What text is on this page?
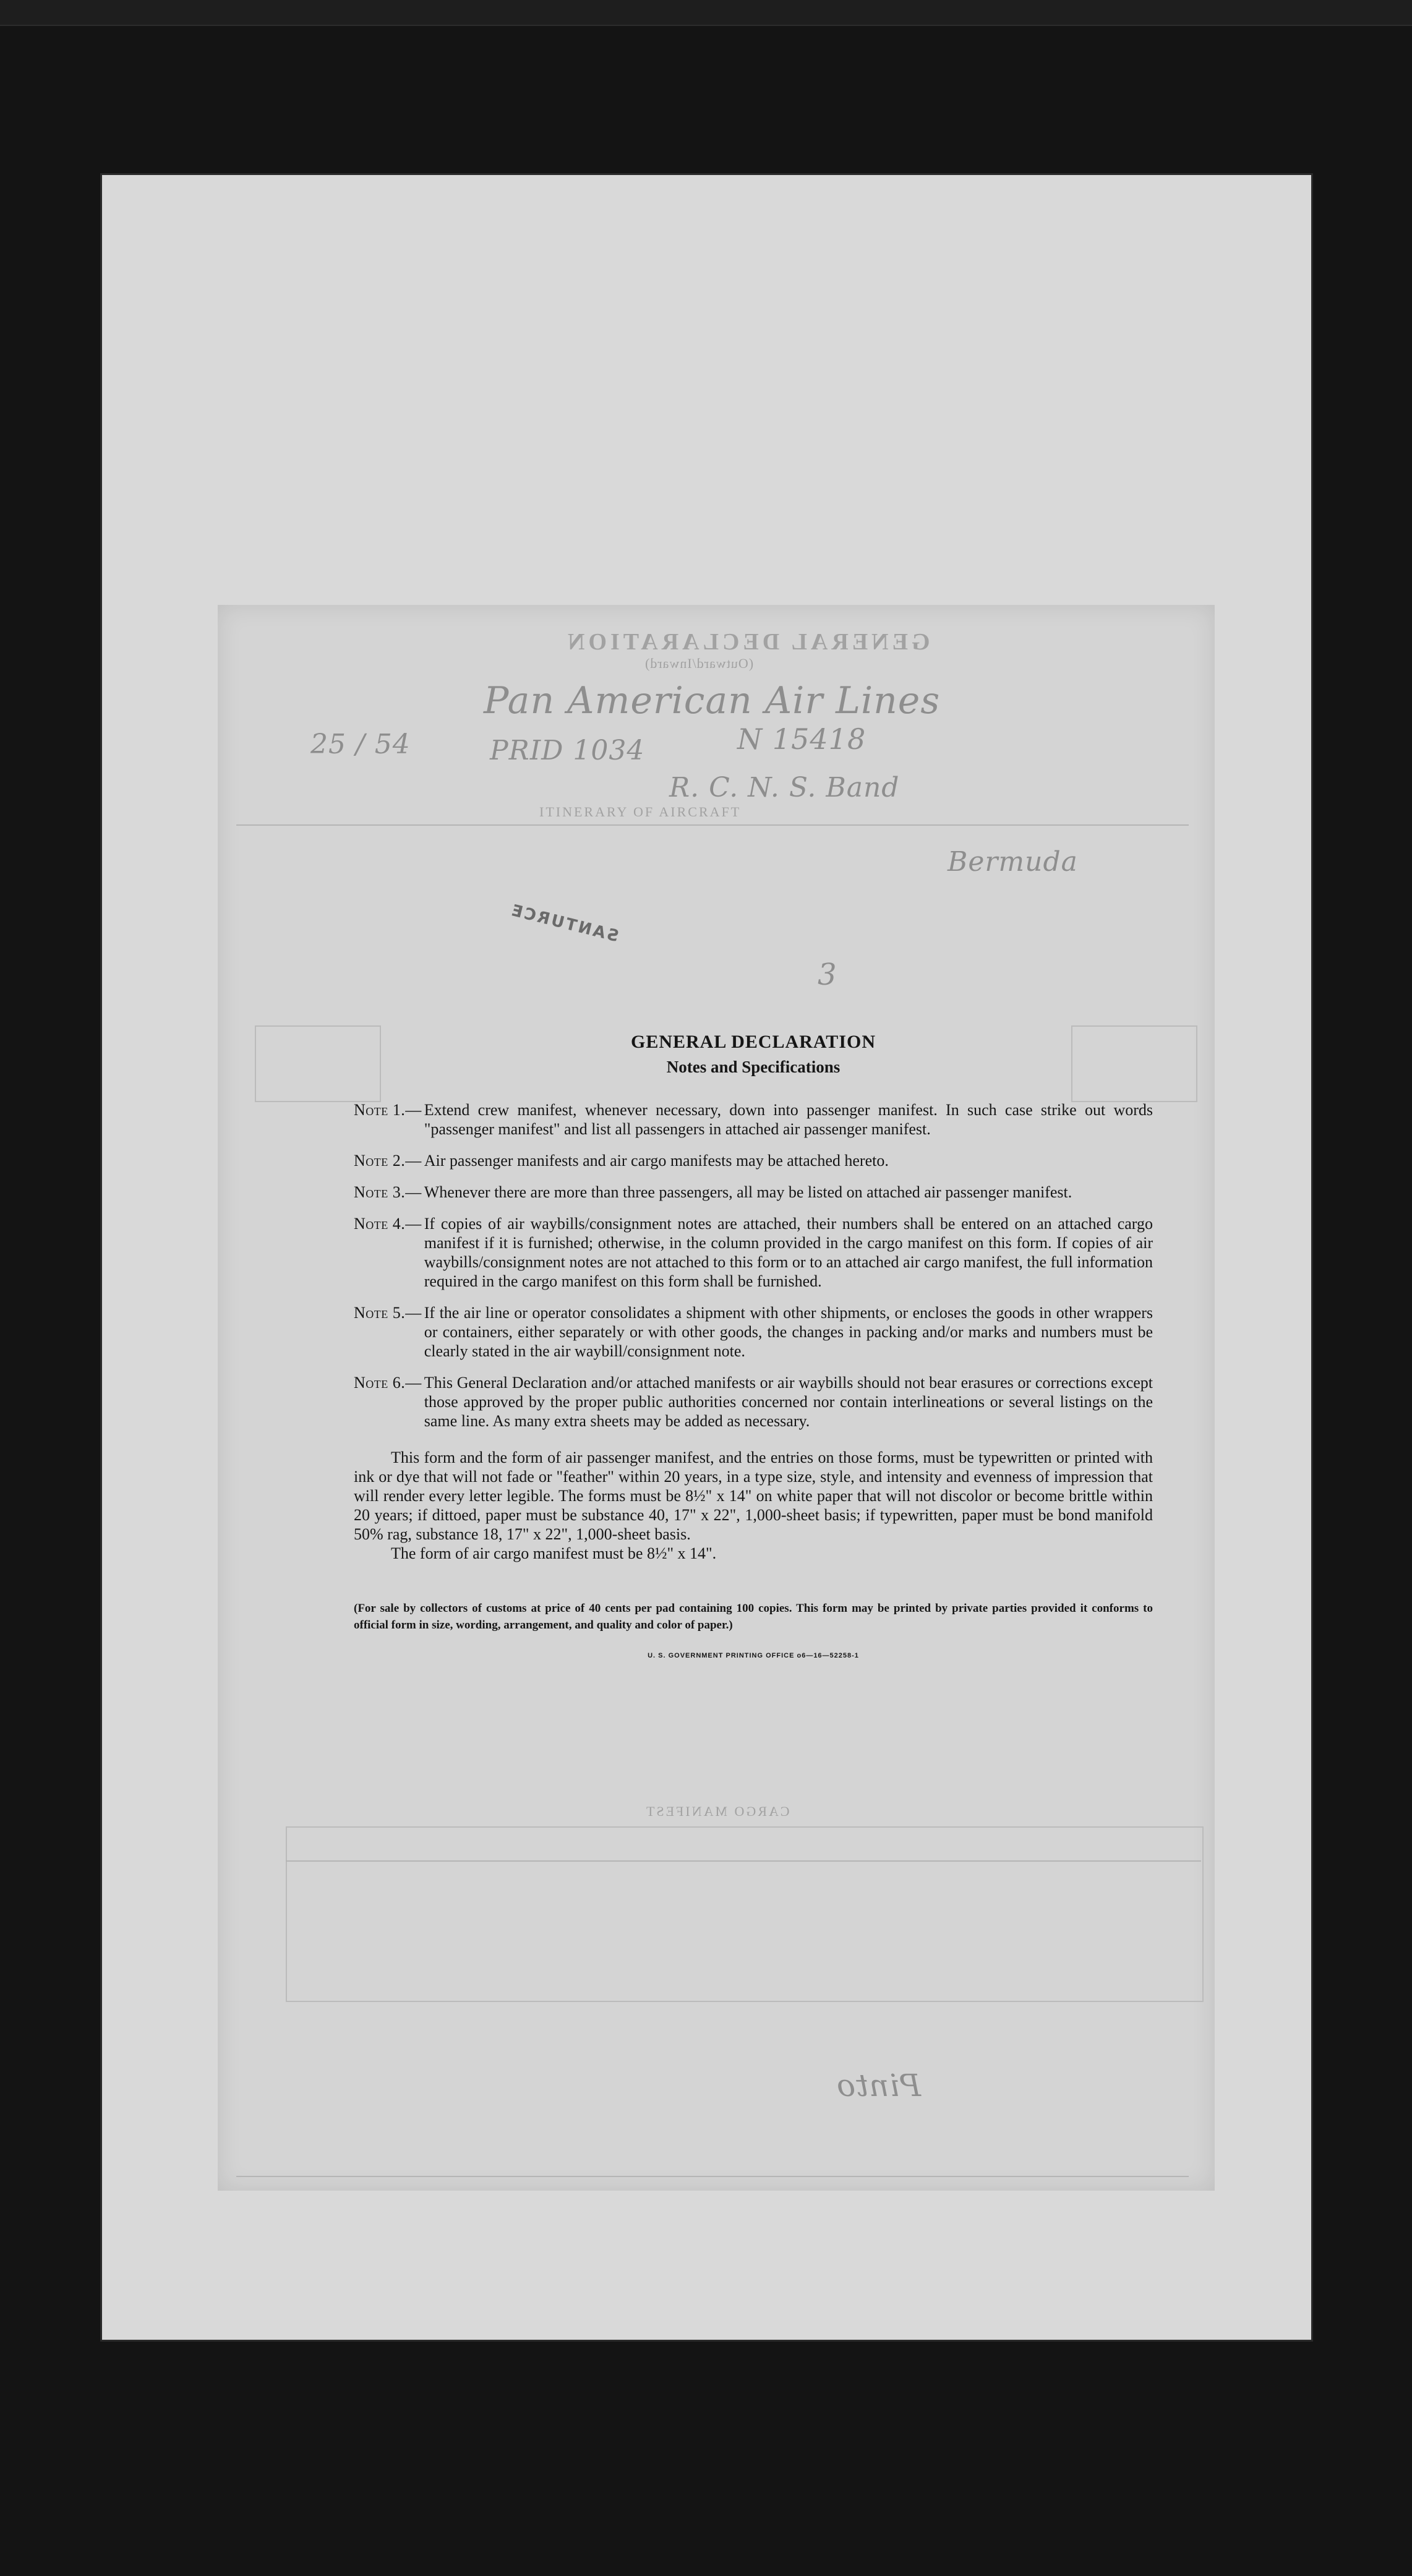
GENERAL DECLARATION
(Outward/Inward)
Pan American Air Lines
N 15418
PRID 1034
25 / 54
R. C. N. S. Band
ITINERARY OF AIRCRAFT
Bermuda
SANTURCE
3
CARGO MANIFEST
Pinto
GENERAL DECLARATION
Notes and Specifications
Note 1.— Extend crew manifest, whenever necessary, down into passenger manifest. In such case strike out words "passenger manifest" and list all passengers in attached air passenger manifest.
Note 2.— Air passenger manifests and air cargo manifests may be attached hereto.
Note 3.— Whenever there are more than three passengers, all may be listed on attached air passenger manifest.
Note 4.— If copies of air waybills/consignment notes are attached, their numbers shall be entered on an attached cargo manifest if it is furnished; otherwise, in the column provided in the cargo manifest on this form. If copies of air waybills/consignment notes are not attached to this form or to an attached air cargo manifest, the full information required in the cargo manifest on this form shall be furnished.
Note 5.— If the air line or operator consolidates a shipment with other shipments, or encloses the goods in other wrappers or containers, either separately or with other goods, the changes in packing and/or marks and numbers must be clearly stated in the air waybill/consignment note.
Note 6.— This General Declaration and/or attached manifests or air waybills should not bear erasures or corrections except those approved by the proper public authorities concerned nor contain interlineations or several listings on the same line. As many extra sheets may be added as necessary.
This form and the form of air passenger manifest, and the entries on those forms, must be typewritten or printed with ink or dye that will not fade or "feather" within 20 years, in a type size, style, and intensity and evenness of impression that will render every letter legible. The forms must be 8½" x 14" on white paper that will not discolor or become brittle within 20 years; if dittoed, paper must be substance 40, 17" x 22", 1,000-sheet basis; if typewritten, paper must be bond manifold 50% rag, substance 18, 17" x 22", 1,000-sheet basis.
The form of air cargo manifest must be 8½" x 14".
(For sale by collectors of customs at price of 40 cents per pad containing 100 copies. This form may be printed by private parties provided it conforms to official form in size, wording, arrangement, and quality and color of paper.)
U. S. GOVERNMENT PRINTING OFFICE o6—16—52258-1
